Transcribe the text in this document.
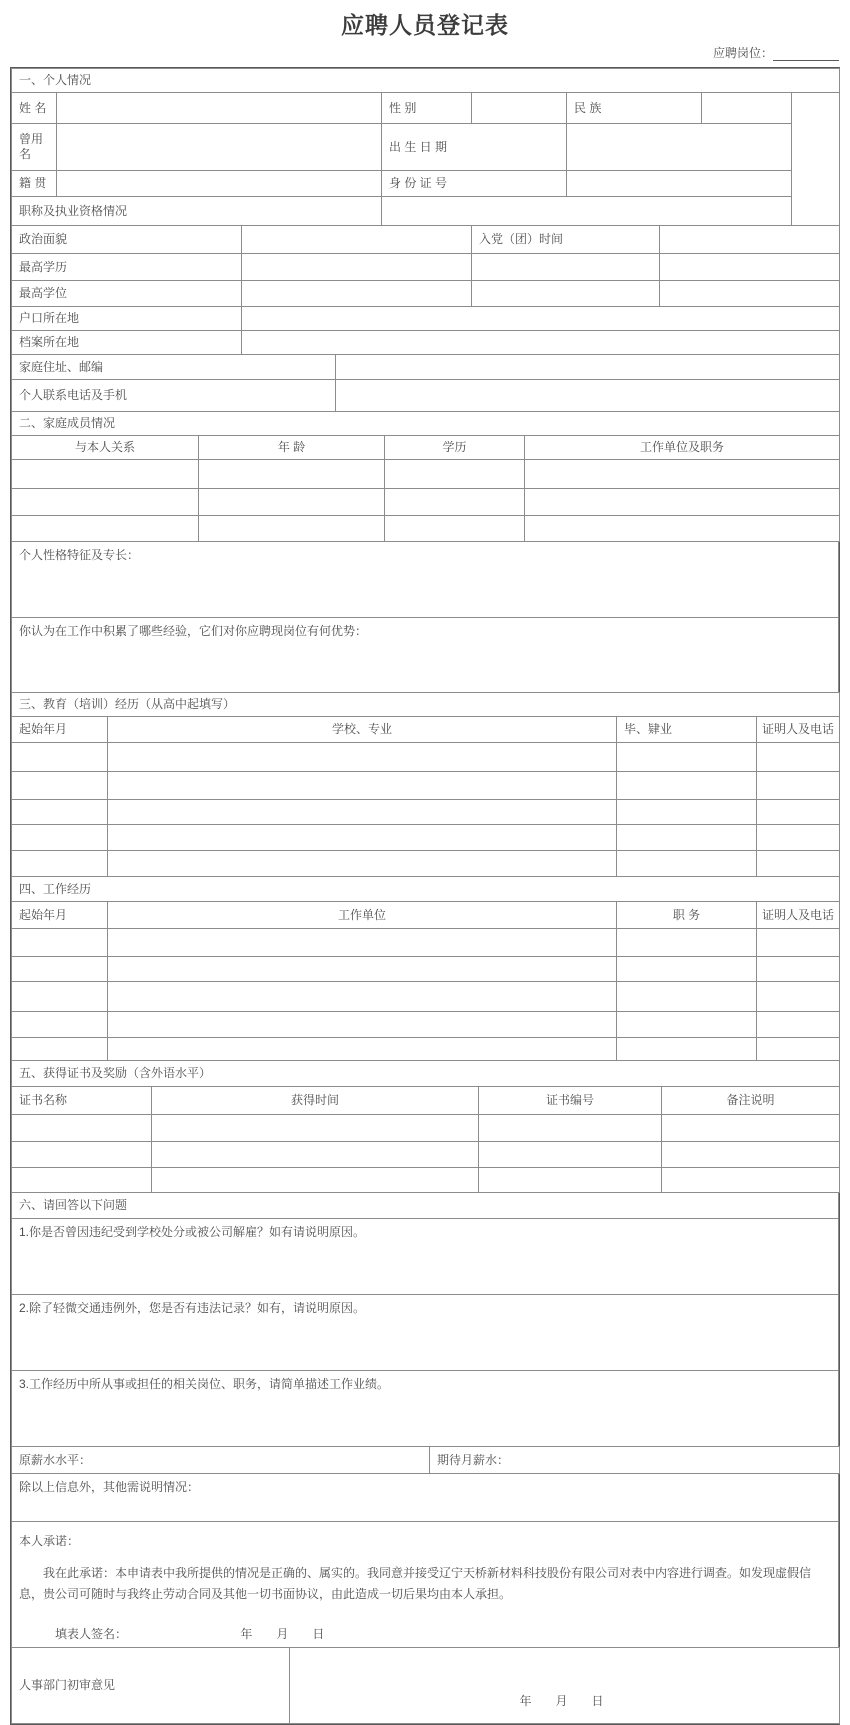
应聘人员登记表
应聘岗位：
一、个人情况									
姓 名				性 别		民 族			
曾用名				出 生 日 期					
籍 贯				身 份 证 号					
职称及执业资格情况									
政治面貌					入党（团）时间				
最高学历									
最高学位									
户口所在地									
档案所在地									
家庭住址、邮编									
个人联系电话及手机									
二、家庭成员情况			
与本人关系	年 龄	学历	工作单位及职务

个人性格特征及专长：
你认为在工作中积累了哪些经验，它们对你应聘现岗位有何优势：
三、教育（培训）经历（从高中起填写）			
起始年月	学校、专业	毕、肄业	证明人及电话

四、工作经历			
起始年月	工作单位	职 务	证明人及电话

五、获得证书及奖励（含外语水平）			
证书名称	获得时间	证书编号	备注说明

六、请回答以下问题
1.你是否曾因违纪受到学校处分或被公司解雇？如有请说明原因。
2.除了轻微交通违例外，您是否有违法记录？如有，请说明原因。
3.工作经历中所从事或担任的相关岗位、职务，请简单描述工作业绩。
原薪水水平：	期待月薪水：
除以上信息外，其他需说明情况：
本人承诺：
我在此承诺：本申请表中我所提供的情况是正确的、属实的。我同意并接受辽宁天桥新材料科技股份有限公司对表中内容进行调查。如发现虚假信息，贵公司可随时与我终止劳动合同及其他一切书面协议，由此造成一切后果均由本人承担。
填表人签名：	年　月　日
人事部门初审意见	
年　月　日
